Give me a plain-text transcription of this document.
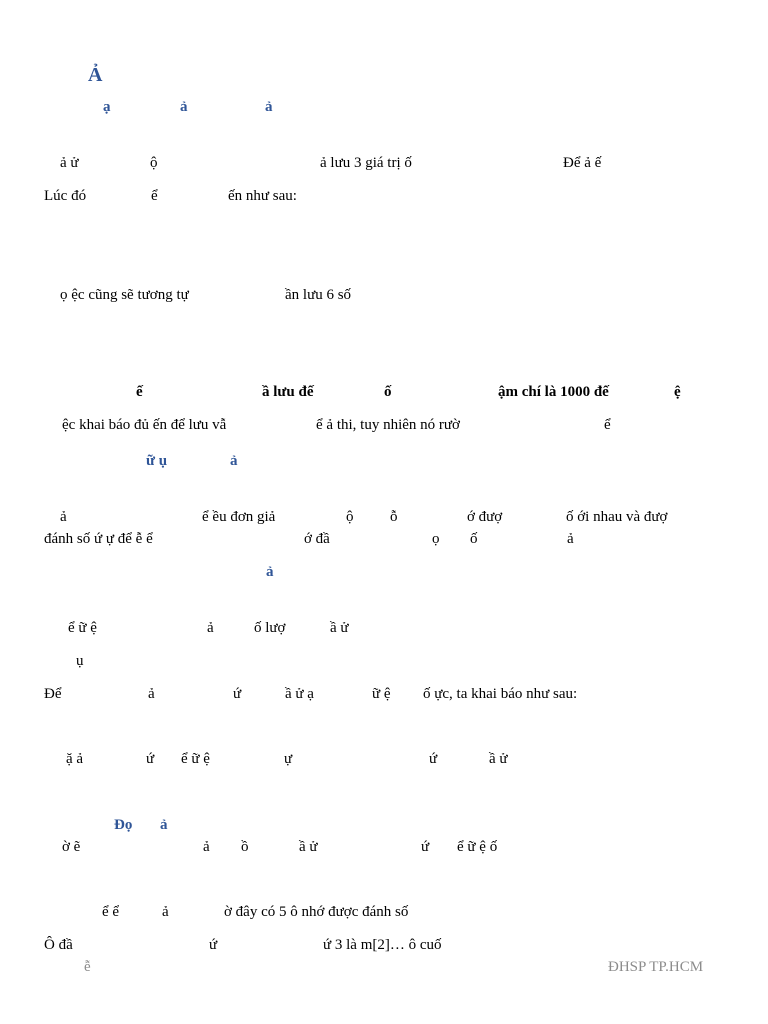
Ả
ạ	ả	ả
ả ử	ộ	ả lưu 3 giá trị ố	Để ả ế
Lúc đó	ể	ến như sau:
ọ ệc cũng sẽ tương tự	ần lưu 6 số
ế	ầ lưu đế	ố	ậm chí là 1000 đế	ệ
ệc khai báo đủ ến để lưu vẫ	ể ả thi, tuy nhiên nó rườ	ể
ữ ụ	ả
ả	ể ều đơn giả	ộ ỗ	ớ đượ	ố ới nhau và đượ
đánh số ứ ự để ễ ể	ớ đầ	ọ ố	ả
ả
ể ữ ệ	ả	ố lượ	ầ ử
ụ
Để	ả	ứ	ầ ử ạ	ữ ệ ố ực, ta khai báo như sau:
ặ ả	ứ ể ữ ệ	ự	ứ	ầ ử
Đọ ả
ờ ẽ	ả ồ	ầ ử	ứ ể ữ ệ ố
ể ể	ả	ờ đây có 5 ô nhớ được đánh số
Ô đầ	ứ	ứ 3 là m[2]… ô cuố
ễ	ĐHSP TP.HCM
